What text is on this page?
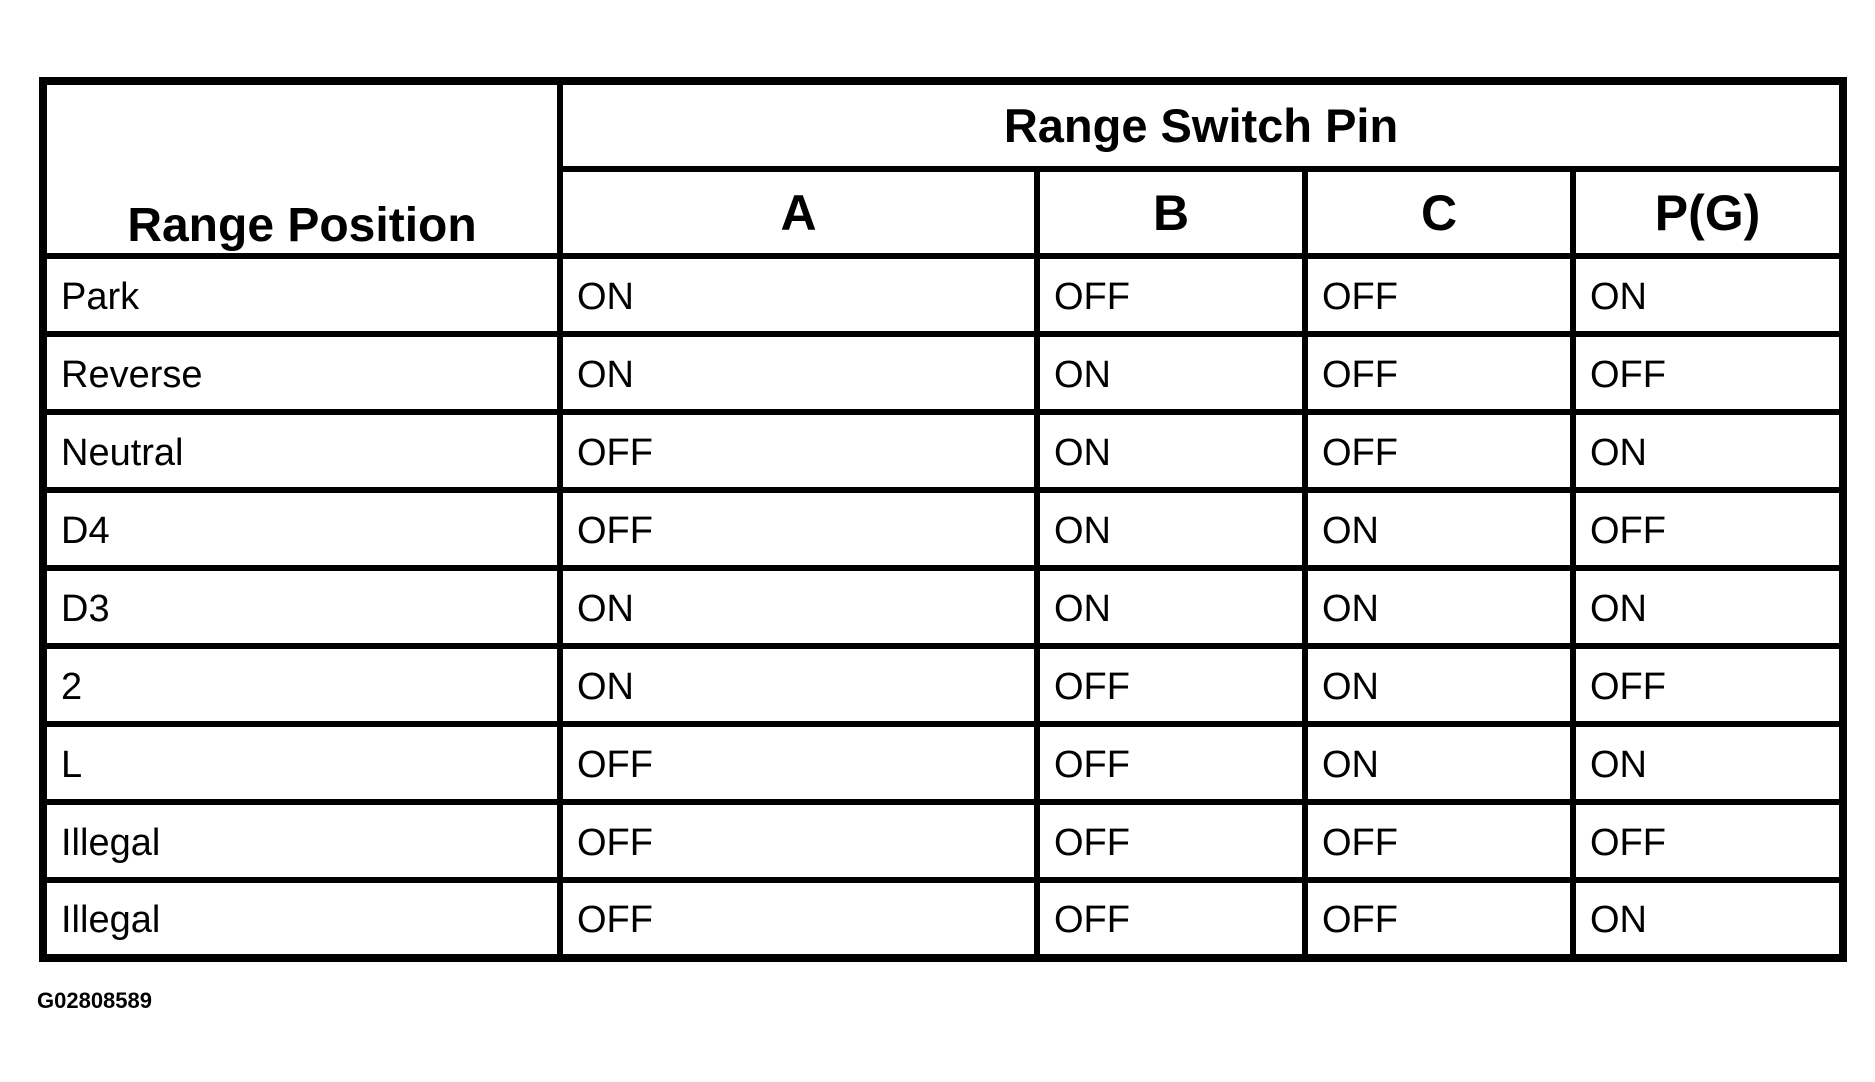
Range Position	Range Switch Pin			
	A	B	C	P(G)
Park	ON	OFF	OFF	ON
Reverse	ON	ON	OFF	OFF
Neutral	OFF	ON	OFF	ON
D4	OFF	ON	ON	OFF
D3	ON	ON	ON	ON
2	ON	OFF	ON	OFF
L	OFF	OFF	ON	ON
Illegal	OFF	OFF	OFF	OFF
Illegal	OFF	OFF	OFF	ON
G02808589
